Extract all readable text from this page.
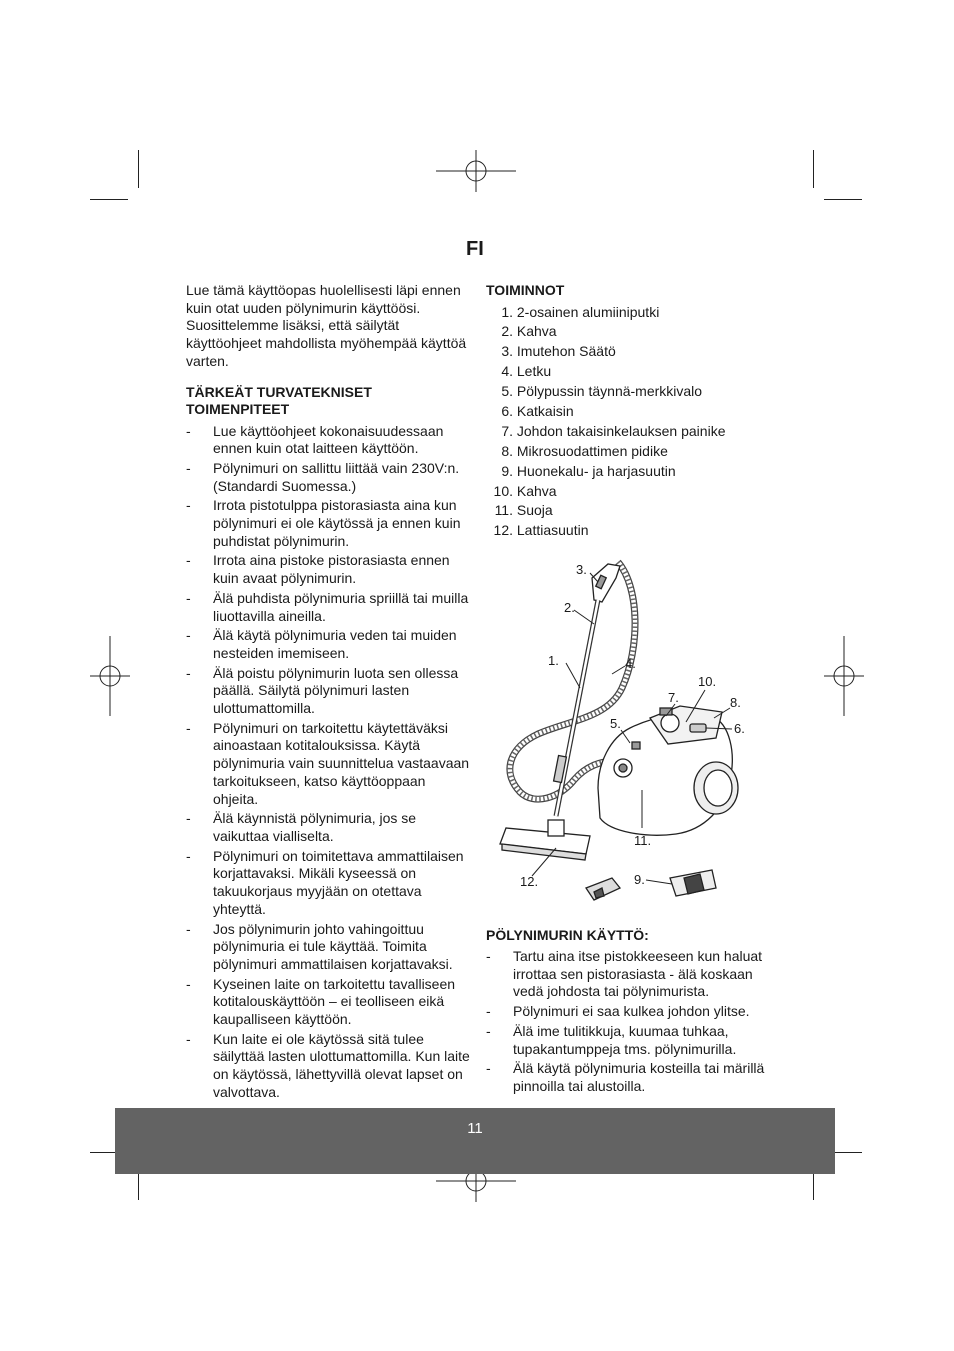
FI

Lue tämä käyttöopas huolellisesti läpi ennen kuin otat uuden pölynimurin käyttöösi. Suosittelemme lisäksi, että säilytät käyttöohjeet mahdollista myöhempää käyttöä varten.

TÄRKEÄT TURVATEKNISET
TOIMENPITEET
- Lue käyttöohjeet kokonaisuudessaan ennen kuin otat laitteen käyttöön.
- Pölynimuri on sallittu liittää vain 230V:n. (Standardi Suomessa.)
- Irrota pistotulppa pistorasiasta aina kun pölynimuri ei ole käytössä ja ennen kuin puhdistat pölynimurin.
- Irrota aina pistoke pistorasiasta ennen kuin avaat pölynimurin.
- Älä puhdista pölynimuria spriillä tai muilla liuottavilla aineilla.
- Älä käytä pölynimuria veden tai muiden nesteiden imemiseen.
- Älä poistu pölynimurin luota sen ollessa päällä. Säilytä pölynimuri lasten ulottumattomilla.
- Pölynimuri on tarkoitettu käytettäväksi ainoastaan kotitalouksissa. Käytä pölynimuria vain suunnittelua vastaavaan tarkoitukseen, katso käyttöoppaan ohjeita.
- Älä käynnistä pölynimuria, jos se vaikuttaa vialliselta.
- Pölynimuri on toimitettava ammattilaisen korjattavaksi. Mikäli kyseessä on takuukorjaus myyjään on otettava yhteyttä.
- Jos pölynimurin johto vahingoittuu pölynimuria ei tule käyttää. Toimita pölynimuri ammattilaisen korjattavaksi.
- Kyseinen laite on tarkoitettu tavalliseen kotitalouskäyttöön – ei teolliseen eikä kaupalliseen käyttöön.
- Kun laite ei ole käytössä sitä tulee säilyttää lasten ulottumattomilla. Kun laite on käytössä, lähettyvillä olevat lapset on valvottava.
TOIMINNOT
1. 2-osainen alumiiniputki
2. Kahva
3. Imutehon Säätö
4. Letku
5. Pölypussin täynnä-merkkivalo
6. Katkaisin
7. Johdon takaisinkelauksen painike
8. Mikrosuodattimen pidike
9. Huonekalu- ja harjasuutin
10. Kahva
11. Suoja
12. Lattiasuutin
3.
2.
1.	4.
10.
7.	8.
5.	6.
11.
12.	9.
PÖLYNIMURIN KÄYTTÖ:
- Tartu aina itse pistokkeeseen kun haluat irrottaa sen pistorasiasta - älä koskaan vedä johdosta tai pölynimurista.
- Pölynimuri ei saa kulkea johdon ylitse.
- Älä ime tulitikkuja, kuumaa tuhkaa, tupakantumppeja tms. pölynimurilla.
- Älä käytä pölynimuria kosteilla tai märillä pinnoilla tai alustoilla.
11
